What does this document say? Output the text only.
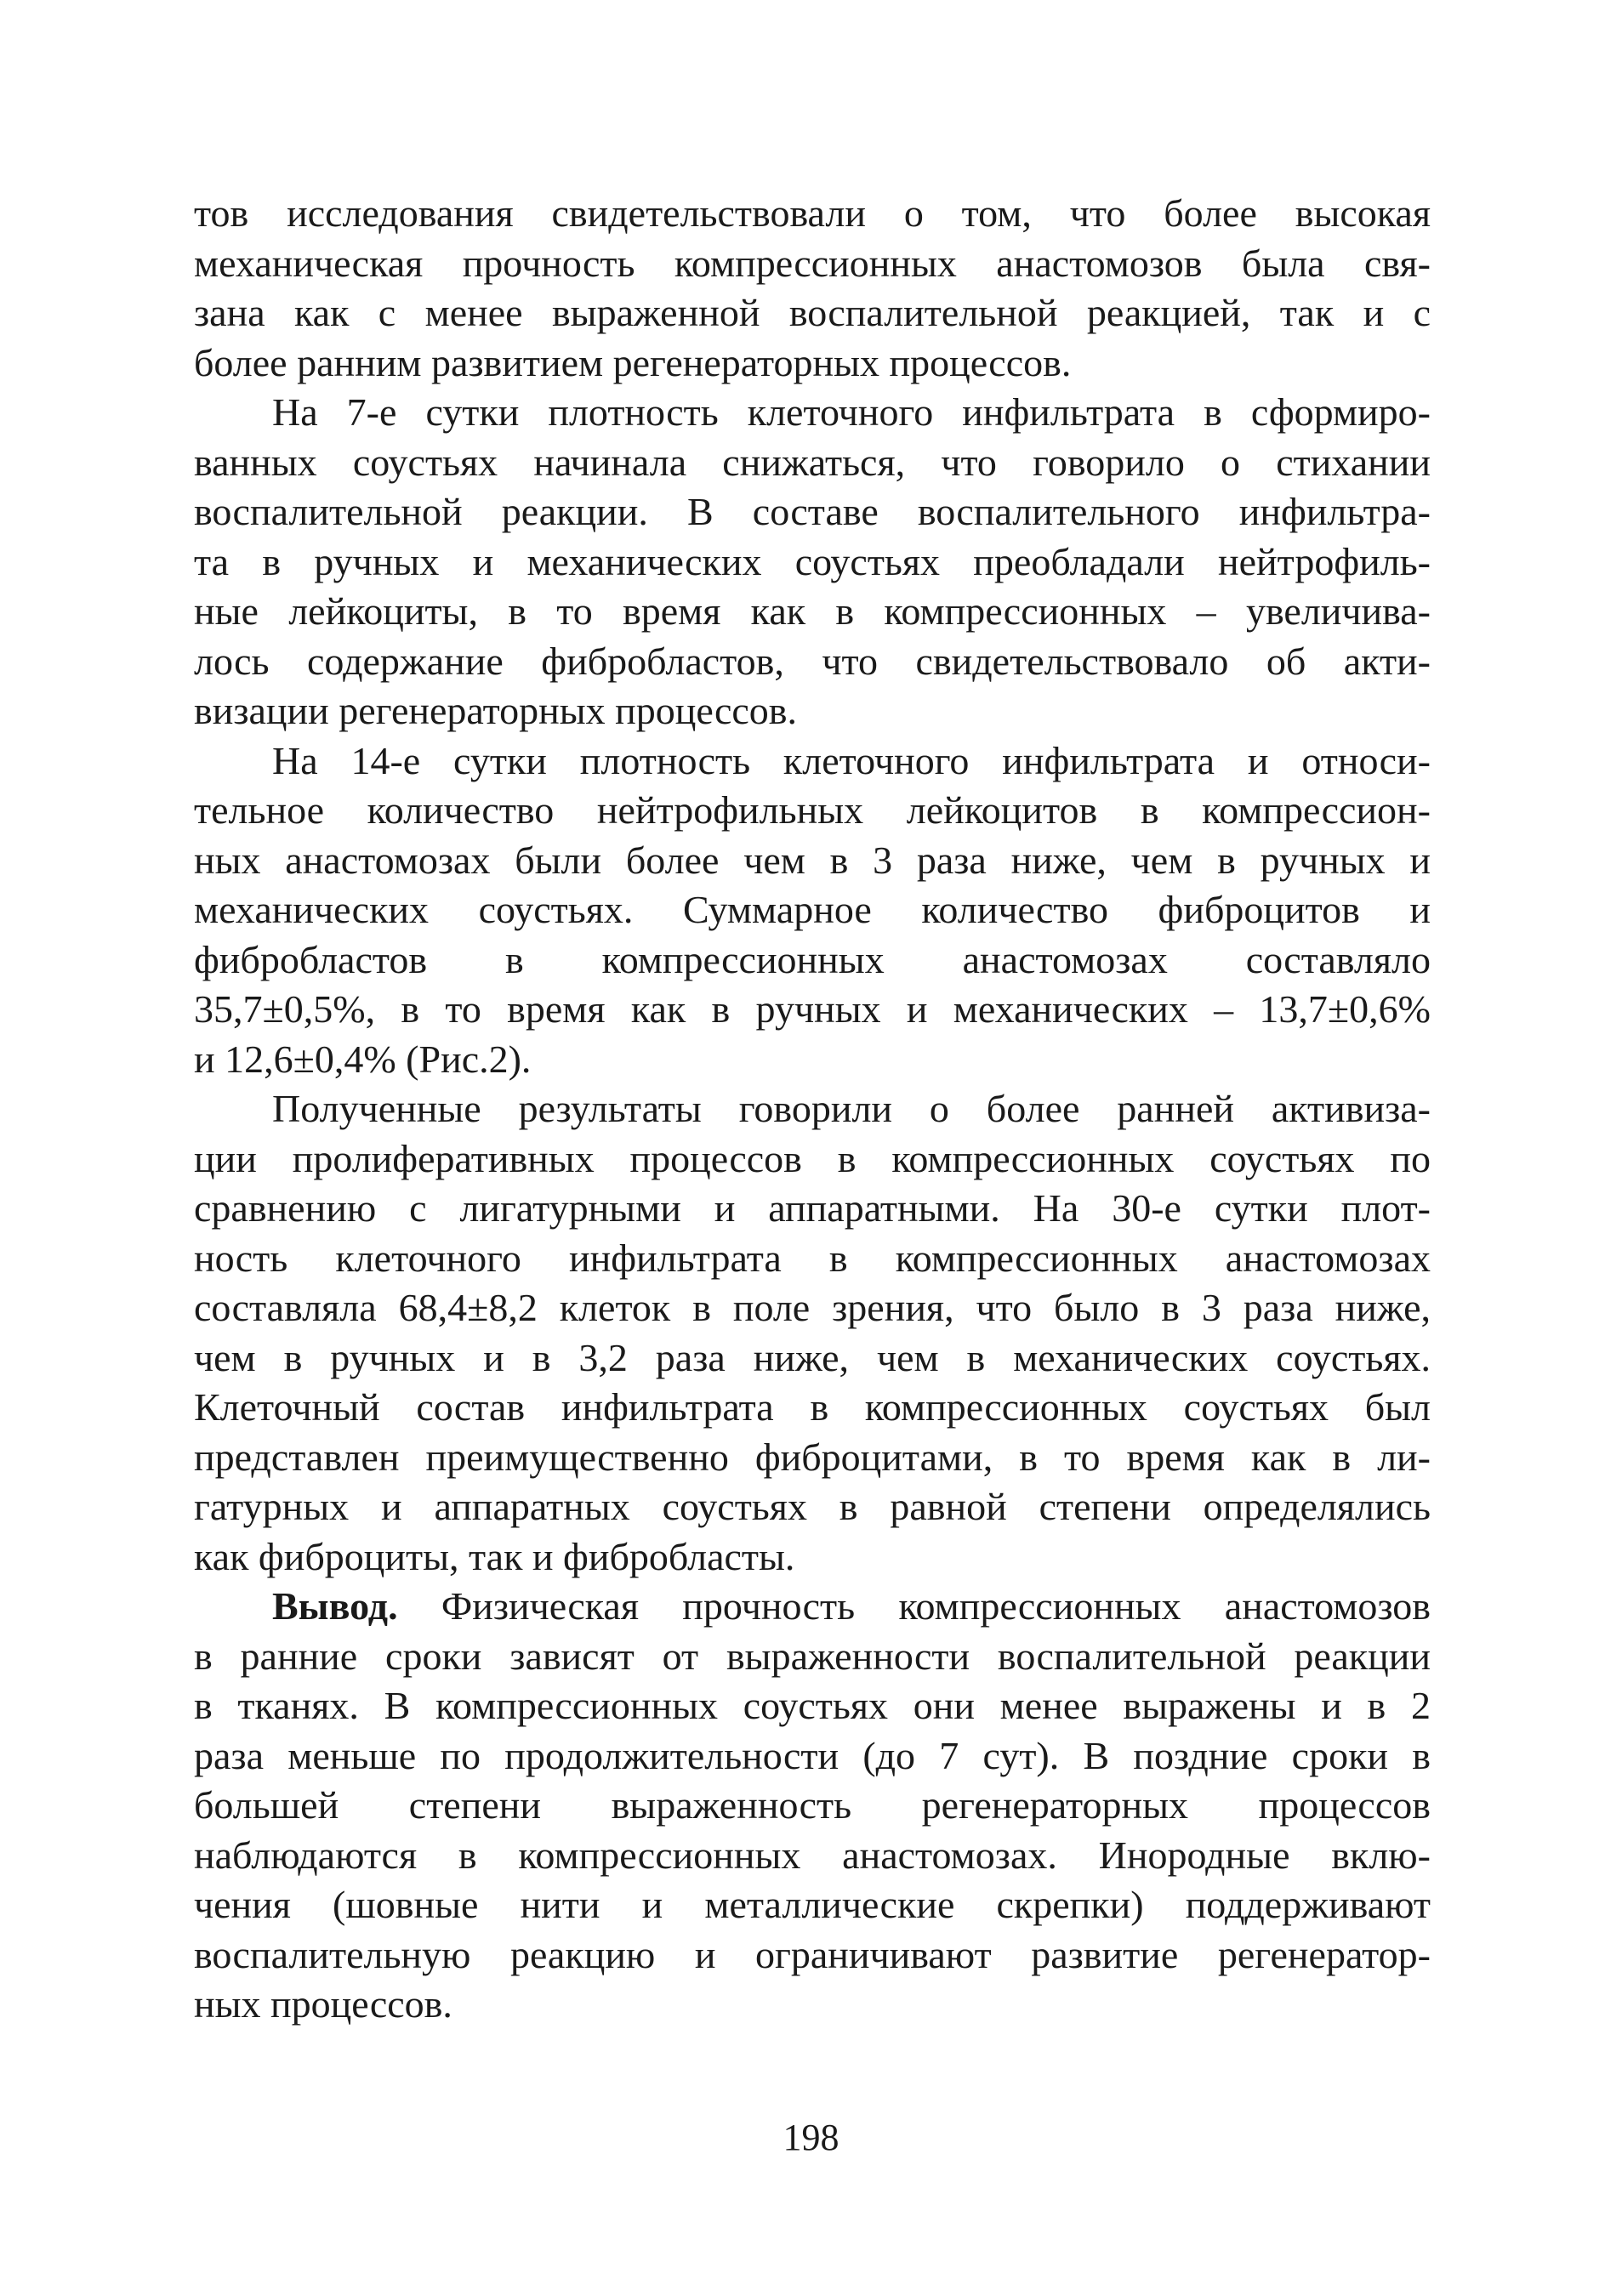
тов исследования свидетельствовали о том, что более высокая
механическая прочность компрессионных анастомозов была свя-
зана как с менее выраженной воспалительной реакцией, так и с
более ранним развитием регенераторных процессов.
На 7-е сутки плотность клеточного инфильтрата в сформиро-
ванных соустьях начинала снижаться, что говорило о стихании
воспалительной реакции. В составе воспалительного инфильтра-
та в ручных и механических соустьях преобладали нейтрофиль-
ные лейкоциты, в то время как в компрессионных – увеличива-
лось содержание фибробластов, что свидетельствовало об акти-
визации регенераторных процессов.
На 14-е сутки плотность клеточного инфильтрата и относи-
тельное количество нейтрофильных лейкоцитов в компрессион-
ных анастомозах были более чем в 3 раза ниже, чем в ручных и
механических соустьях. Суммарное количество фиброцитов и
фибробластов в компрессионных анастомозах составляло
35,7±0,5%, в то время как в ручных и механических – 13,7±0,6%
и 12,6±0,4% (Рис.2).
Полученные результаты говорили о более ранней активиза-
ции пролиферативных процессов в компрессионных соустьях по
сравнению с лигатурными и аппаратными. На 30-е сутки плот-
ность клеточного инфильтрата в компрессионных анастомозах
составляла 68,4±8,2 клеток в поле зрения, что было в 3 раза ниже,
чем в ручных и в 3,2 раза ниже, чем в механических соустьях.
Клеточный состав инфильтрата в компрессионных соустьях был
представлен преимущественно фиброцитами, в то время как в ли-
гатурных и аппаратных соустьях в равной степени определялись
как фиброциты, так и фибробласты.
Вывод. Физическая прочность компрессионных анастомозов
в ранние сроки зависят от выраженности воспалительной реакции
в тканях. В компрессионных соустьях они менее выражены и в 2
раза меньше по продолжительности (до 7 сут). В поздние сроки в
большей степени выраженность регенераторных процессов
наблюдаются в компрессионных анастомозах. Инородные вклю-
чения (шовные нити и металлические скрепки) поддерживают
воспалительную реакцию и ограничивают развитие регенератор-
ных процессов.
198
